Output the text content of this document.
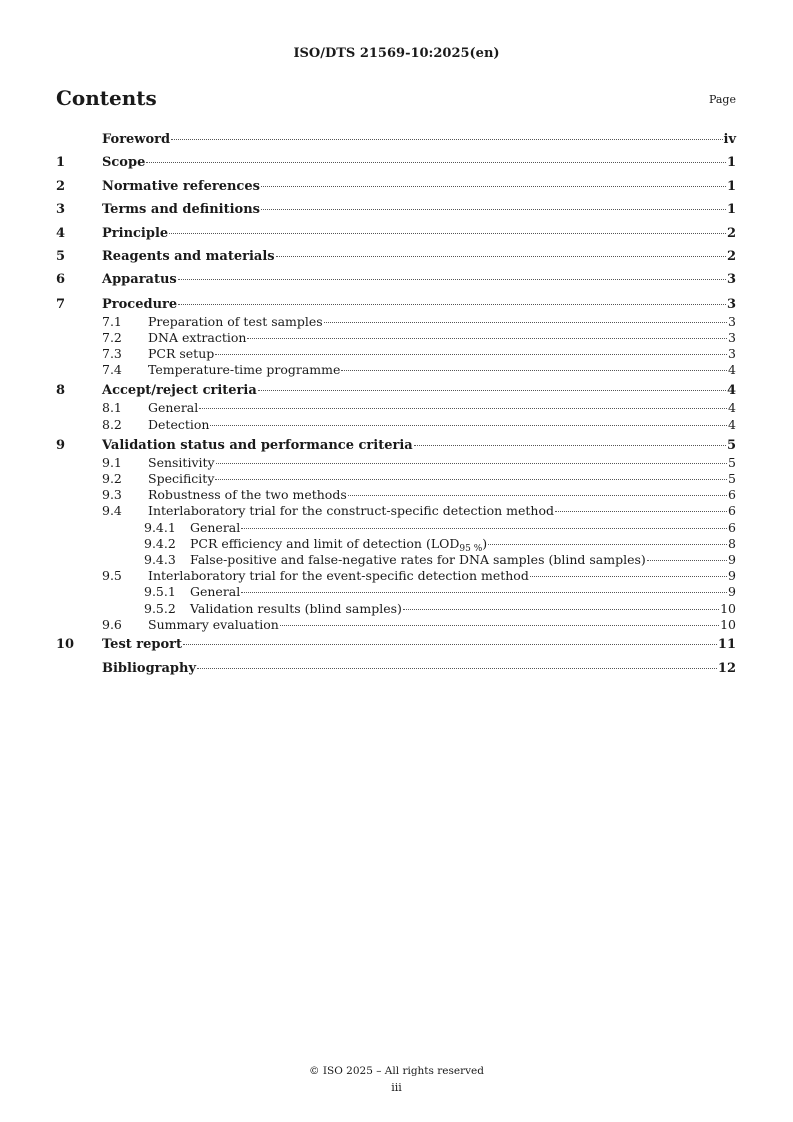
ISO/DTS 21569-10:2025(en)
Contents	Page
Foreword	iv
1	Scope	1
2	Normative references	1
3	Terms and definitions	1
4	Principle	2
5	Reagents and materials	2
6	Apparatus	3
7	Procedure	3
7.1	Preparation of test samples	3
7.2	DNA extraction	3
7.3	PCR setup	3
7.4	Temperature-time programme	4
8	Accept/reject criteria	4
8.1	General	4
8.2	Detection	4
9	Validation status and performance criteria	5
9.1	Sensitivity	5
9.2	Specificity	5
9.3	Robustness of the two methods	6
9.4	Interlaboratory trial for the construct-specific detection method	6
9.4.1	General	6
9.4.2	PCR efficiency and limit of detection $(LOD_{95 \%})$	8
9.4.3	False-positive and false-negative rates for DNA samples (blind samples)	9
9.5	Interlaboratory trial for the event-specific detection method	9
9.5.1	General	9
9.5.2	Validation results (blind samples)	10
9.6	Summary evaluation	10
10	Test report	11
Bibliography	12
© ISO 2025 – All rights reserved
iii
